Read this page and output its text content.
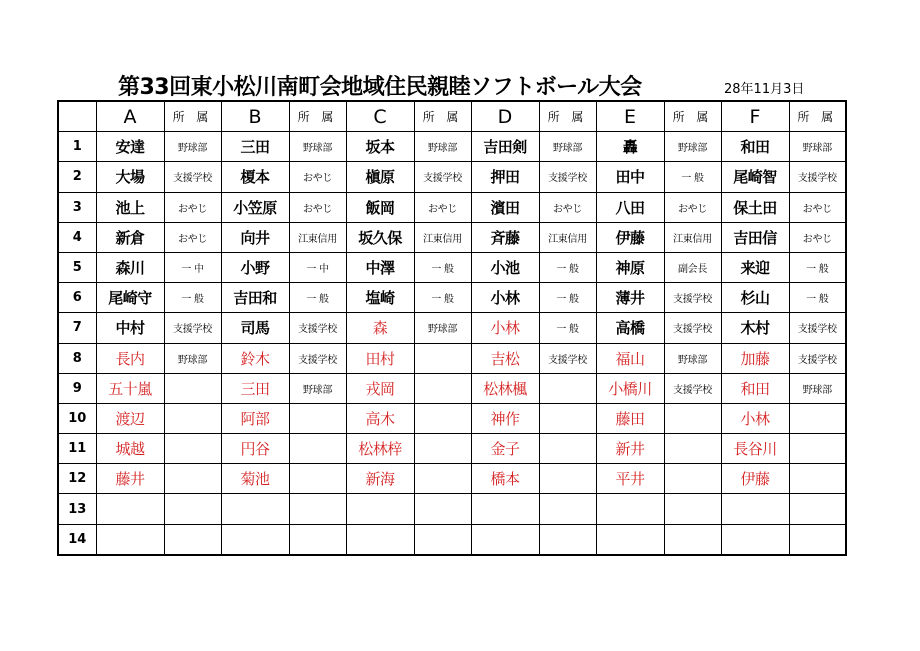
第33回東小松川南町会地域住民親睦ソフトボール大会	28年11月3日
	A	所 属	B	所 属	C	所 属	D	所 属	E	所 属	F	所 属
1	安達	野球部	三田	野球部	坂本	野球部	吉田剣	野球部	轟	野球部	和田	野球部
2	大場	支援学校	榎本	おやじ	槇原	支援学校	押田	支援学校	田中	一 般	尾崎智	支援学校
3	池上	おやじ	小笠原	おやじ	飯岡	おやじ	濱田	おやじ	八田	おやじ	保土田	おやじ
4	新倉	おやじ	向井	江東信用	坂久保	江東信用	斉藤	江東信用	伊藤	江東信用	吉田信	おやじ
5	森川	一 中	小野	一 中	中澤	一 般	小池	一 般	神原	副会長	来迎	一 般
6	尾崎守	一 般	吉田和	一 般	塩崎	一 般	小林	一 般	薄井	支援学校	杉山	一 般
7	中村	支援学校	司馬	支援学校	森	野球部	小林	一 般	高橋	支援学校	木村	支援学校
8	長内	野球部	鈴木	支援学校	田村		吉松	支援学校	福山	野球部	加藤	支援学校
9	五十嵐		三田	野球部	戎岡		松林楓		小橋川	支援学校	和田	野球部
10	渡辺		阿部		高木		神作		藤田		小林	
11	城越		円谷		松林梓		金子		新井		長谷川	
12	藤井		菊池		新海		橋本		平井		伊藤	
13												
14												
